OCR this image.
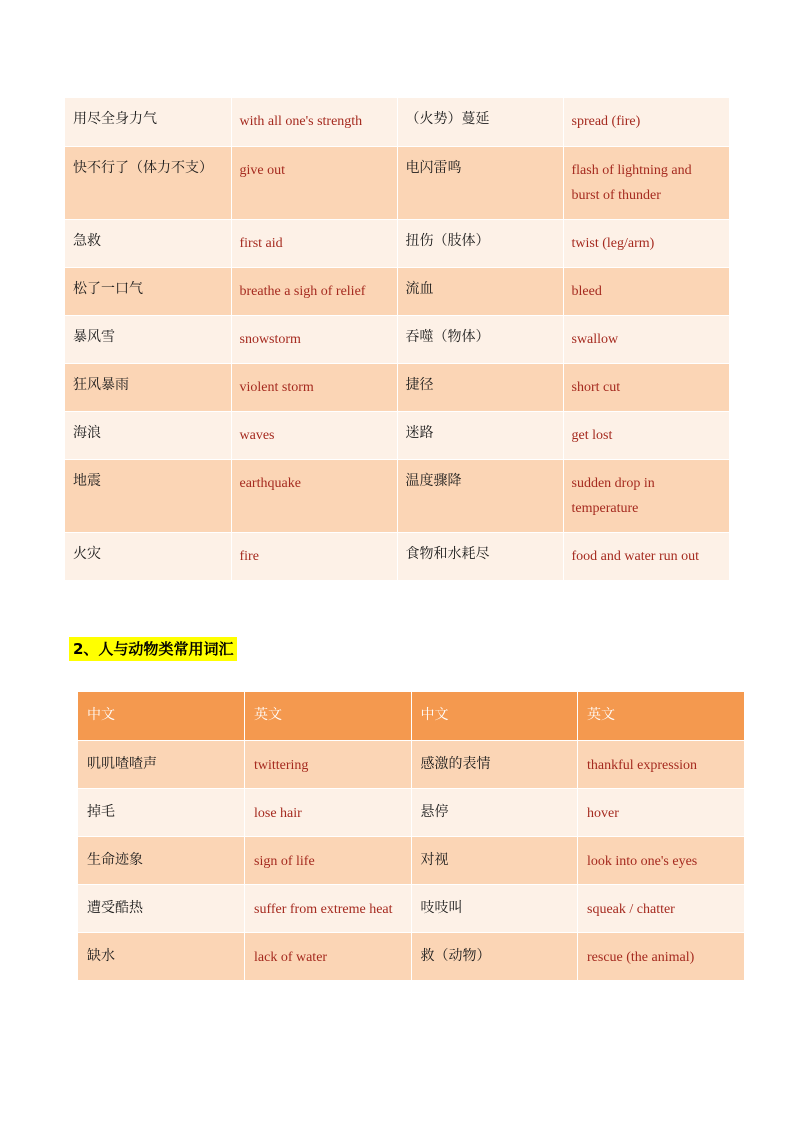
用尽全身力气	with all one's strength	（火势）蔓延	spread (fire)

快不行了（体力不支）	give out	电闪雷鸣	flash of lightning and burst of thunder

急救	first aid	扭伤（肢体）	twist (leg/arm)

松了一口气	breathe a sigh of relief	流血	bleed

暴风雪	snowstorm	吞噬（物体）	swallow

狂风暴雨	violent storm	捷径	short cut

海浪	waves	迷路	get lost

地震	earthquake	温度骤降	sudden drop in temperature

火灾	fire	食物和水耗尽	food and water run out
2、人与动物类常用词汇
中文	英文	中文	英文

叽叽喳喳声	twittering	感激的表情	thankful expression

掉毛	lose hair	悬停	hover

生命迹象	sign of life	对视	look into one's eyes

遭受酷热	suffer from extreme heat	吱吱叫	squeak / chatter

缺水	lack of water	救（动物）	rescue (the animal)
